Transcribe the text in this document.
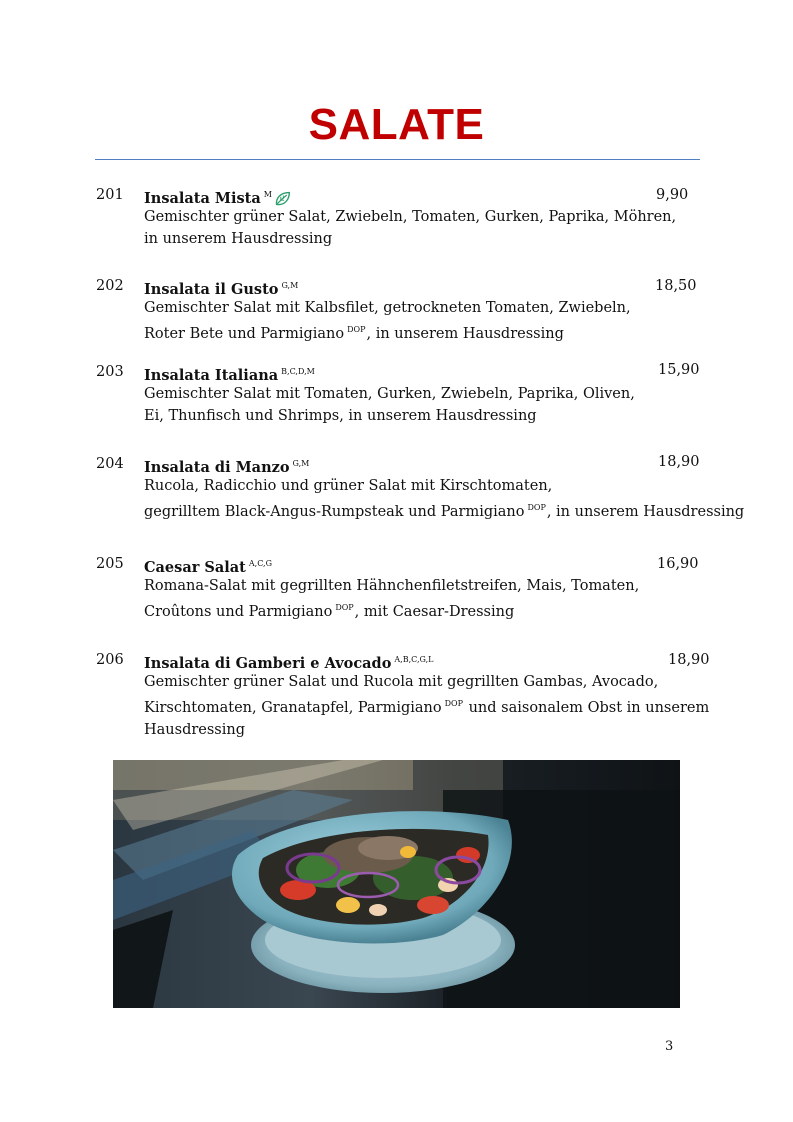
SALATE
201 Insalata Mista $^M$	9,90
Gemischter grüner Salat, Zwiebeln, Tomaten, Gurken, Paprika, Möhren,
in unserem Hausdressing
202 Insalata il Gusto $^{G,M}$	18,50
Gemischter Salat mit Kalbsfilet, getrockneten Tomaten, Zwiebeln,
Roter Bete und Parmigiano $^{DOP}$, in unserem Hausdressing
203 Insalata Italiana $^{B,C,D,M}$	15,90
Gemischter Salat mit Tomaten, Gurken, Zwiebeln, Paprika, Oliven,
Ei, Thunfisch und Shrimps, in unserem Hausdressing
204 Insalata di Manzo $^{G,M}$	18,90
Rucola, Radicchio und grüner Salat mit Kirschtomaten,
gegrilltem Black-Angus-Rumpsteak und Parmigiano $^{DOP}$, in unserem Hausdressing
205 Caesar Salat $^{A,C,G}$	16,90
Romana-Salat mit gegrillten Hähnchenfiletstreifen, Mais, Tomaten,
Croûtons und Parmigiano $^{DOP}$, mit Caesar-Dressing
206 Insalata di Gamberi e Avocado $^{A,B,C,G,L}$	18,90
Gemischter grüner Salat und Rucola mit gegrillten Gambas, Avocado,
Kirschtomaten, Granatapfel, Parmigiano $^{DOP}$ und saisonalem Obst in unserem
Hausdressing
3
